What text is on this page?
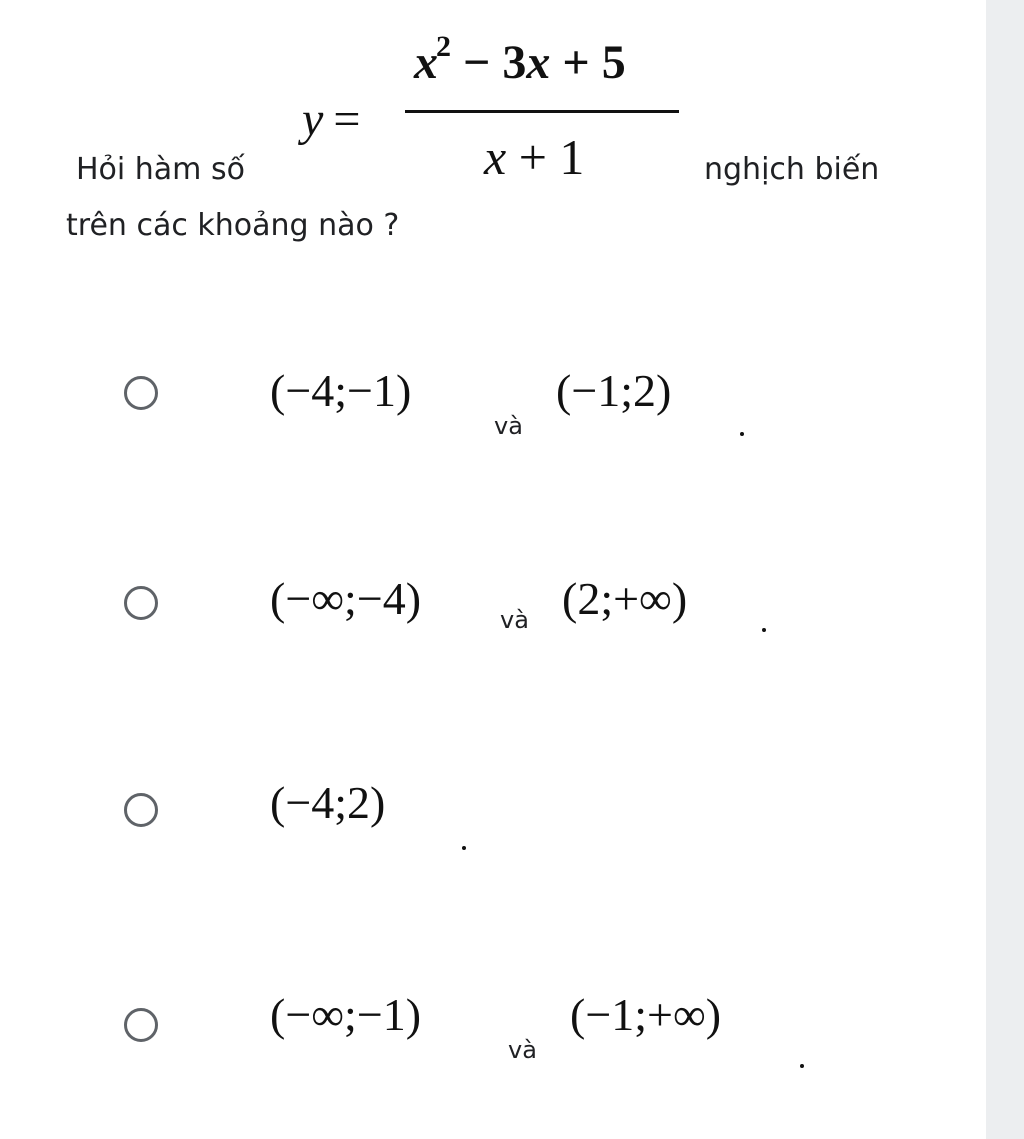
Hỏi hàm số
y =
$x^2 - 3x + 5$
x + 1	nghịch biến
trên các khoảng nào ?
(−4;−1)
và
(−1;2)
(−∞;−4)	và (2;+∞)
(−4;2)
(−∞;−1)
và
(−1;+∞)
